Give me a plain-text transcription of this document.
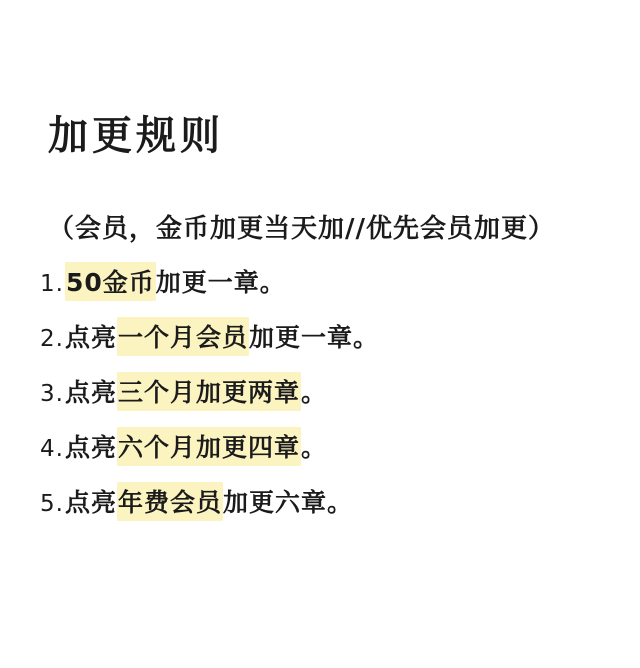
加更规则
（会员，金币加更当天加//优先会员加更）
1. 50金币 加更一章。
2. 点亮 一个月会员 加更一章。
3. 点亮 三个月加更两章 。
4. 点亮 六个月加更四章 。
5. 点亮 年费会员 加更六章。
